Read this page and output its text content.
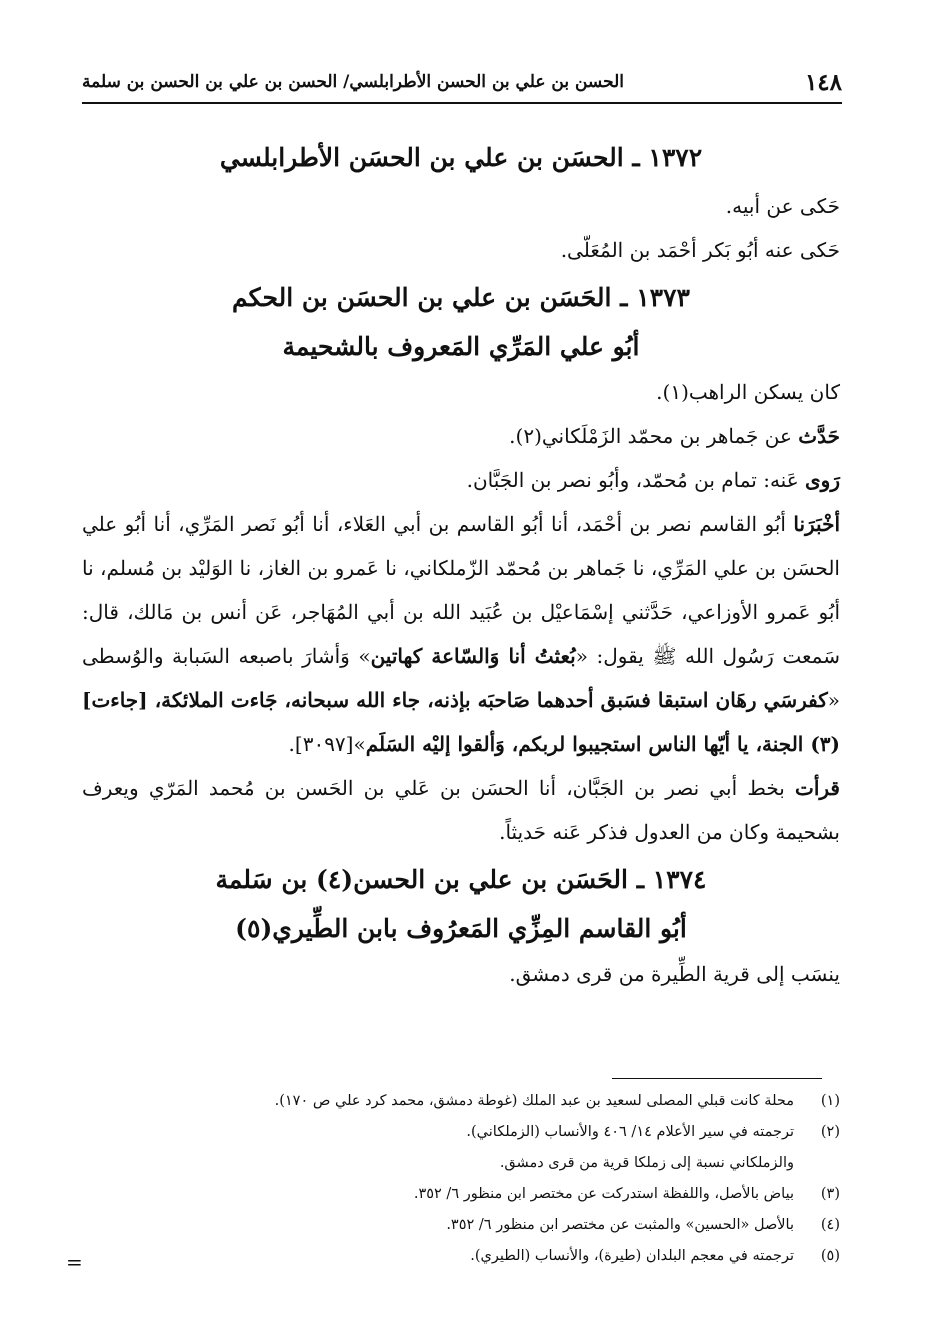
١٤٨
الحسن بن علي بن الحسن الأطرابلسي/ الحسن بن علي بن الحسن بن سلمة

١٣٧٢ ـ الحسَن بن علي بن الحسَن الأطرابلسي

حَكى عن أبيه.

حَكى عنه أبُو بَكر أحْمَد بن المُعَلّى.

١٣٧٣ ـ الحَسَن بن علي بن الحسَن بن الحكم

أبُو علي المَرِّي المَعروف بالشحيمة

كان يسكن الراهب(١).

حَدَّث عن جَماهر بن محمّد الزَمْلَكاني(٢).

رَوى عَنه: تمام بن مُحمّد، وأبُو نصر بن الجَبَّان.

أخْبَرَنا أبُو القاسم نصر بن أحْمَد، أنا أبُو القاسم بن أبي العَلاء، أنا أبُو نَصر المَرِّي، أنا أبُو علي الحسَن بن علي المَرِّي، نا جَماهر بن مُحمّد الزّملكاني، نا عَمرو بن الغاز، نا الوَليْد بن مُسلم، نا أبُو عَمرو الأوزاعي، حَدَّثني إسْمَاعيْل بن عُبَيد الله بن أبي المُهَاجر، عَن أنس بن مَالك، قال: سَمعت رَسُول الله ﷺ يقول: «بُعثتُ أنا وَالسّاعة كهاتين» وَأشارَ باصبعه السَبابة والوُسطى «كفرسَي رهَان استبقا فسَبق أحدهما صَاحبَه بإذنه، جاء الله سبحانه، جَاءت الملائكة، [جاءت](٣) الجنة، يا أيّها الناس استجيبوا لربكم، وَألقوا إليْه السَلَم»[٣٠٩٧].

قرأت بخط أبي نصر بن الجَبَّان، أنا الحسَن بن عَلي بن الحَسن بن مُحمد المَرّي ويعرف بشحيمة وكان من العدول فذكر عَنه حَديثاً.

١٣٧٤ ـ الحَسَن بن علي بن الحسن(٤) بن سَلمة

أبُو القاسم المِزِّي المَعرُوف بابن الطِّيري(٥)

ينسَب إلى قرية الطِّيرة من قرى دمشق.

(١)
محلة كانت قبلي المصلى لسعيد بن عبد الملك (غوطة دمشق، محمد كرد علي ص ١٧٠).
(٢)
ترجمته في سير الأعلام ١٤/ ٤٠٦ والأنساب (الزملكاني).
والزملكاني نسبة إلى زملكا قرية من قرى دمشق.
(٣)
بياض بالأصل، واللفظة استدركت عن مختصر ابن منظور ٦/ ٣٥٢.
(٤)
بالأصل «الحسين» والمثبت عن مختصر ابن منظور ٦/ ٣٥٢.
(٥)
ترجمته في معجم البلدان (طيرة)، والأنساب (الطيري).
=
